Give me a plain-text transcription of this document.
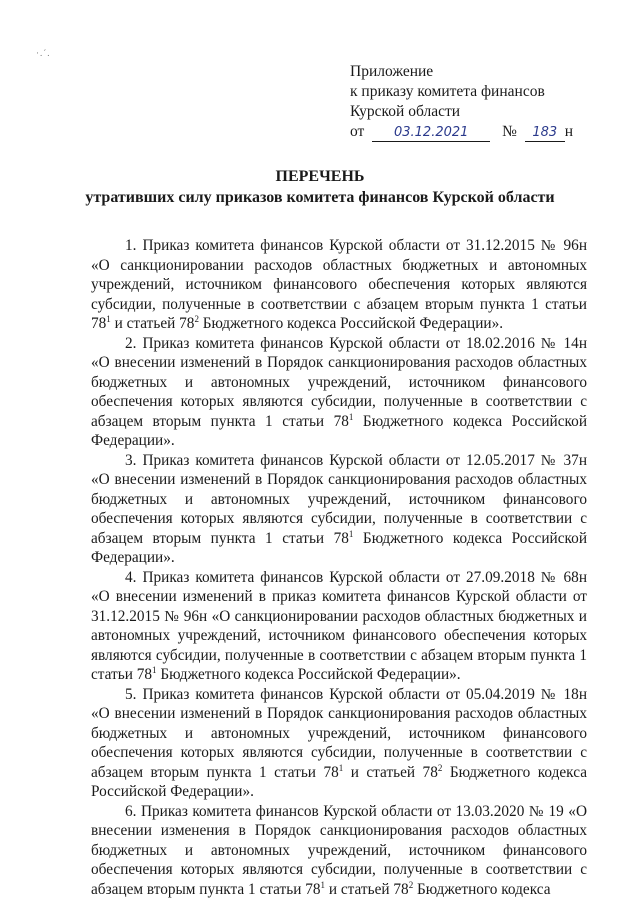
·.´.
Приложение
к приказу комитета финансов
Курской области
от 03.12.2021 № 183 н
ПЕРЕЧЕНЬ
утративших силу приказов комитета финансов Курской области

1. Приказ комитета финансов Курской области от 31.12.2015 № 96н «О санкционировании расходов областных бюджетных и автономных учреждений, источником финансового обеспечения которых являются субсидии, полученные в соответствии с абзацем вторым пункта 1 статьи $78^1$ и статьей $78^2$ Бюджетного кодекса Российской Федерации».

2. Приказ комитета финансов Курской области от 18.02.2016 № 14н «О внесении изменений в Порядок санкционирования расходов областных бюджетных и автономных учреждений, источником финансового обеспечения которых являются субсидии, полученные в соответствии с абзацем вторым пункта 1 статьи $78^1$ Бюджетного кодекса Российской Федерации».

3. Приказ комитета финансов Курской области от 12.05.2017 № 37н «О внесении изменений в Порядок санкционирования расходов областных бюджетных и автономных учреждений, источником финансового обеспечения которых являются субсидии, полученные в соответствии с абзацем вторым пункта 1 статьи $78^1$ Бюджетного кодекса Российской Федерации».

4. Приказ комитета финансов Курской области от 27.09.2018 № 68н «О внесении изменений в приказ комитета финансов Курской области от 31.12.2015 № 96н «О санкционировании расходов областных бюджетных и автономных учреждений, источником финансового обеспечения которых являются субсидии, полученные в соответствии с абзацем вторым пункта 1 статьи $78^1$ Бюджетного кодекса Российской Федерации».

5. Приказ комитета финансов Курской области от 05.04.2019 № 18н «О внесении изменений в Порядок санкционирования расходов областных бюджетных и автономных учреждений, источником финансового обеспечения которых являются субсидии, полученные в соответствии с абзацем вторым пункта 1 статьи $78^1$ и статьей $78^2$ Бюджетного кодекса Российской Федерации».

6. Приказ комитета финансов Курской области от 13.03.2020 № 19 «О внесении изменения в Порядок санкционирования расходов областных бюджетных и автономных учреждений, источником финансового обеспечения которых являются субсидии, полученные в соответствии с абзацем вторым пункта 1 статьи $78^1$ и статьей $78^2$ Бюджетного кодекса
